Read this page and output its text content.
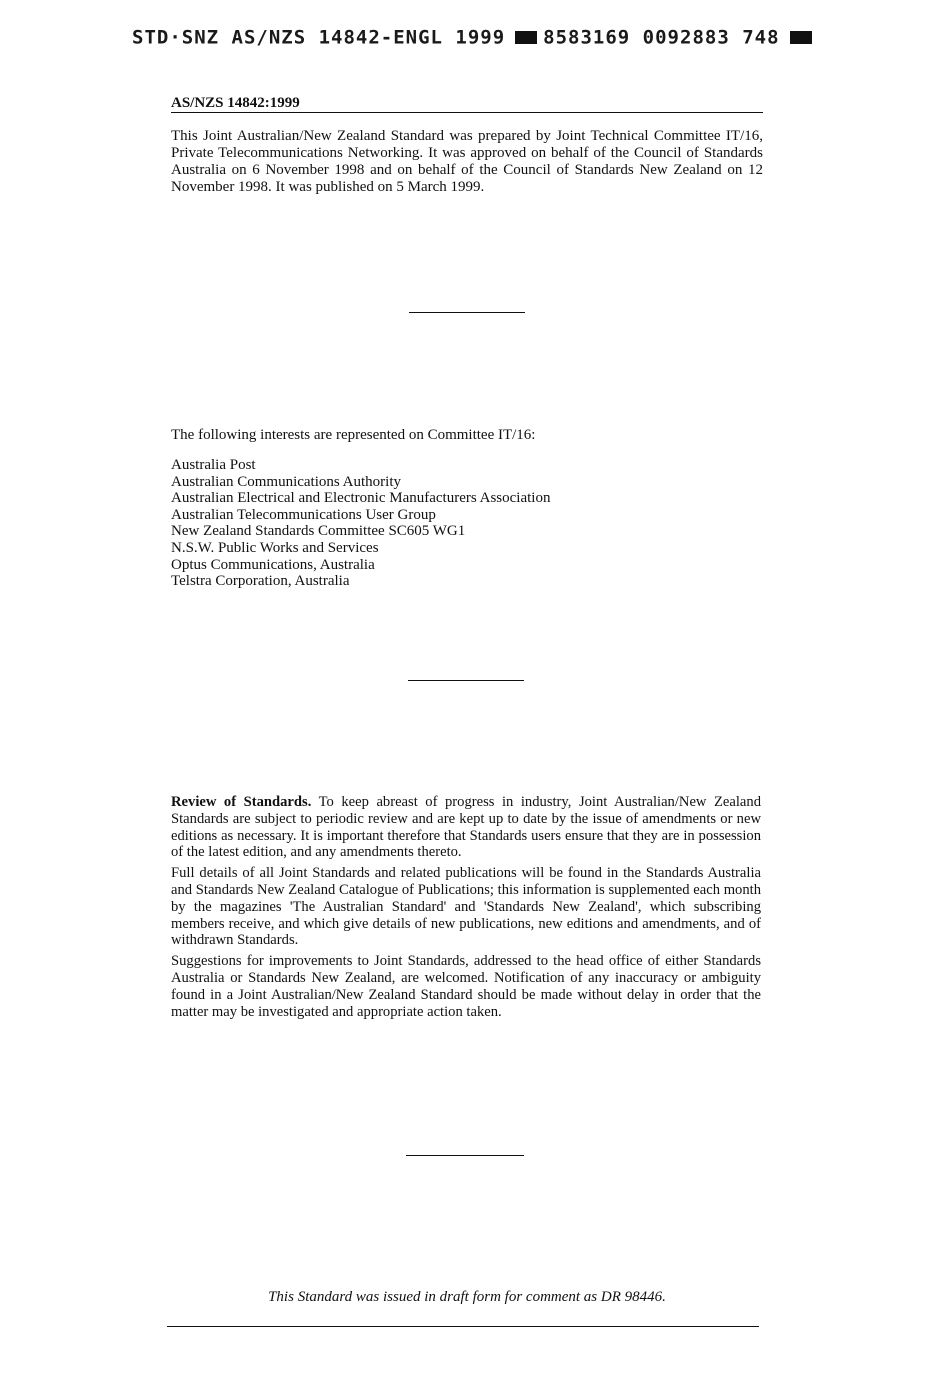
STD·SNZ AS/NZS 14842-ENGL 1999 8583169 0092883 748
AS/NZS 14842:1999

This Joint Australian/New Zealand Standard was prepared by Joint Technical Committee IT/16, Private Telecommunications Networking. It was approved on behalf of the Council of Standards Australia on 6 November 1998 and on behalf of the Council of Standards New Zealand on 12 November 1998. It was published on 5 March 1999.

The following interests are represented on Committee IT/16:
Australia Post
Australian Communications Authority
Australian Electrical and Electronic Manufacturers Association
Australian Telecommunications User Group
New Zealand Standards Committee SC605 WG1
N.S.W. Public Works and Services
Optus Communications, Australia
Telstra Corporation, Australia

Review of Standards. To keep abreast of progress in industry, Joint Australian/New Zealand Standards are subject to periodic review and are kept up to date by the issue of amendments or new editions as necessary. It is important therefore that Standards users ensure that they are in possession of the latest edition, and any amendments thereto.

Full details of all Joint Standards and related publications will be found in the Standards Australia and Standards New Zealand Catalogue of Publications; this information is supplemented each month by the magazines 'The Australian Standard' and 'Standards New Zealand', which subscribing members receive, and which give details of new publications, new editions and amendments, and of withdrawn Standards.

Suggestions for improvements to Joint Standards, addressed to the head office of either Standards Australia or Standards New Zealand, are welcomed. Notification of any inaccuracy or ambiguity found in a Joint Australian/New Zealand Standard should be made without delay in order that the matter may be investigated and appropriate action taken.

This Standard was issued in draft form for comment as DR 98446.
